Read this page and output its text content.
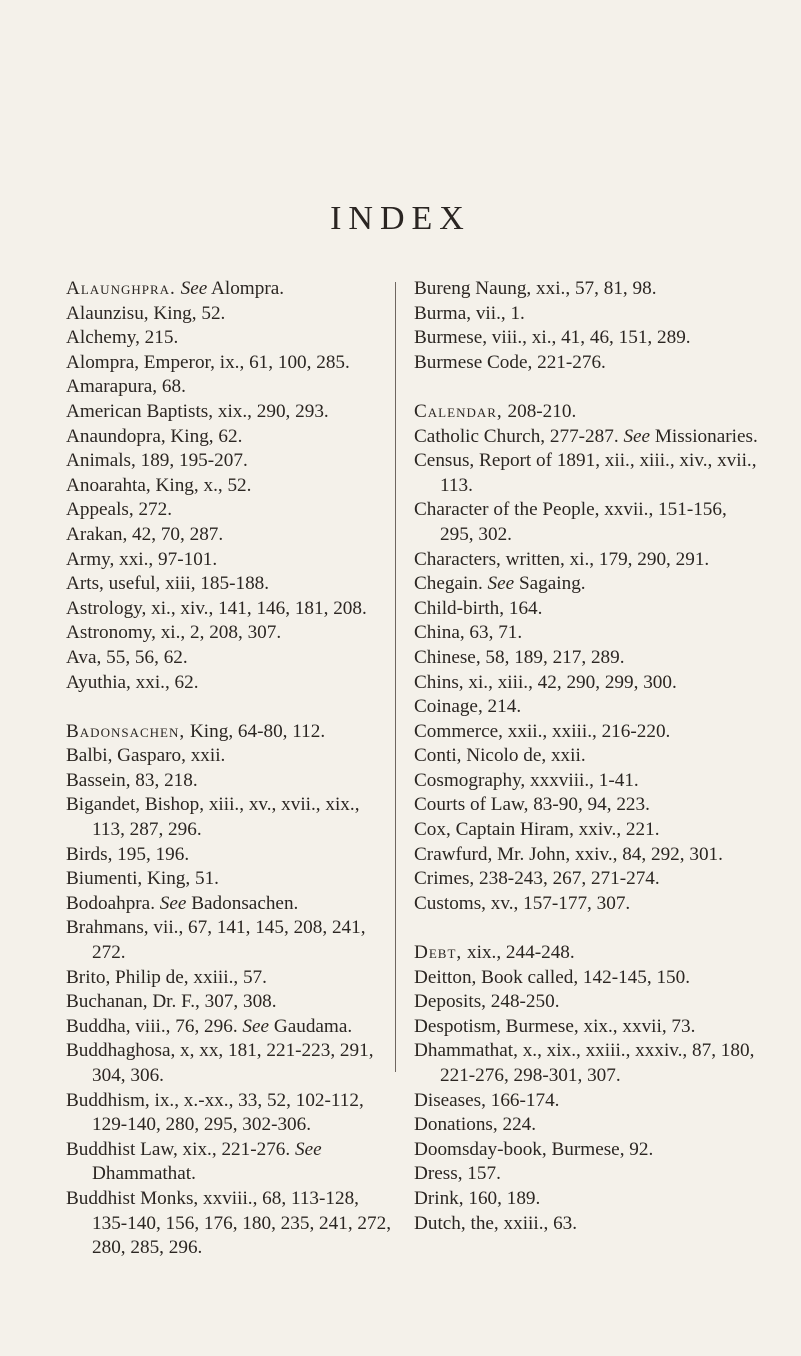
INDEX

Alaunghpra. See Alompra.

Alaunzisu, King, 52.

Alchemy, 215.

Alompra, Emperor, ix., 61, 100, 285.

Amarapura, 68.

American Baptists, xix., 290, 293.

Anaundopra, King, 62.

Animals, 189, 195-207.

Anoarahta, King, x., 52.

Appeals, 272.

Arakan, 42, 70, 287.

Army, xxi., 97-101.

Arts, useful, xiii, 185-188.

Astrology, xi., xiv., 141, 146, 181, 208.

Astronomy, xi., 2, 208, 307.

Ava, 55, 56, 62.

Ayuthia, xxi., 62.

Badonsachen, King, 64-80, 112.

Balbi, Gasparo, xxii.

Bassein, 83, 218.

Bigandet, Bishop, xiii., xv., xvii., xix., 113, 287, 296.

Birds, 195, 196.

Biumenti, King, 51.

Bodoahpra. See Badonsachen.

Brahmans, vii., 67, 141, 145, 208, 241, 272.

Brito, Philip de, xxiii., 57.

Buchanan, Dr. F., 307, 308.

Buddha, viii., 76, 296. See Gaudama.

Buddhaghosa, x, xx, 181, 221-223, 291, 304, 306.

Buddhism, ix., x.-xx., 33, 52, 102-112, 129-140, 280, 295, 302-306.

Buddhist Law, xix., 221-276. See Dhammathat.

Buddhist Monks, xxviii., 68, 113-128, 135-140, 156, 176, 180, 235, 241, 272, 280, 285, 296.

Bureng Naung, xxi., 57, 81, 98.

Burma, vii., 1.

Burmese, viii., xi., 41, 46, 151, 289.

Burmese Code, 221-276.

Calendar, 208-210.

Catholic Church, 277-287. See Missionaries.

Census, Report of 1891, xii., xiii., xiv., xvii., 113.

Character of the People, xxvii., 151-156, 295, 302.

Characters, written, xi., 179, 290, 291.

Chegain. See Sagaing.

Child-birth, 164.

China, 63, 71.

Chinese, 58, 189, 217, 289.

Chins, xi., xiii., 42, 290, 299, 300.

Coinage, 214.

Commerce, xxii., xxiii., 216-220.

Conti, Nicolo de, xxii.

Cosmography, xxxviii., 1-41.

Courts of Law, 83-90, 94, 223.

Cox, Captain Hiram, xxiv., 221.

Crawfurd, Mr. John, xxiv., 84, 292, 301.

Crimes, 238-243, 267, 271-274.

Customs, xv., 157-177, 307.

Debt, xix., 244-248.

Deitton, Book called, 142-145, 150.

Deposits, 248-250.

Despotism, Burmese, xix., xxvii, 73.

Dhammathat, x., xix., xxiii., xxxiv., 87, 180, 221-276, 298-301, 307.

Diseases, 166-174.

Donations, 224.

Doomsday-book, Burmese, 92.

Dress, 157.

Drink, 160, 189.

Dutch, the, xxiii., 63.
